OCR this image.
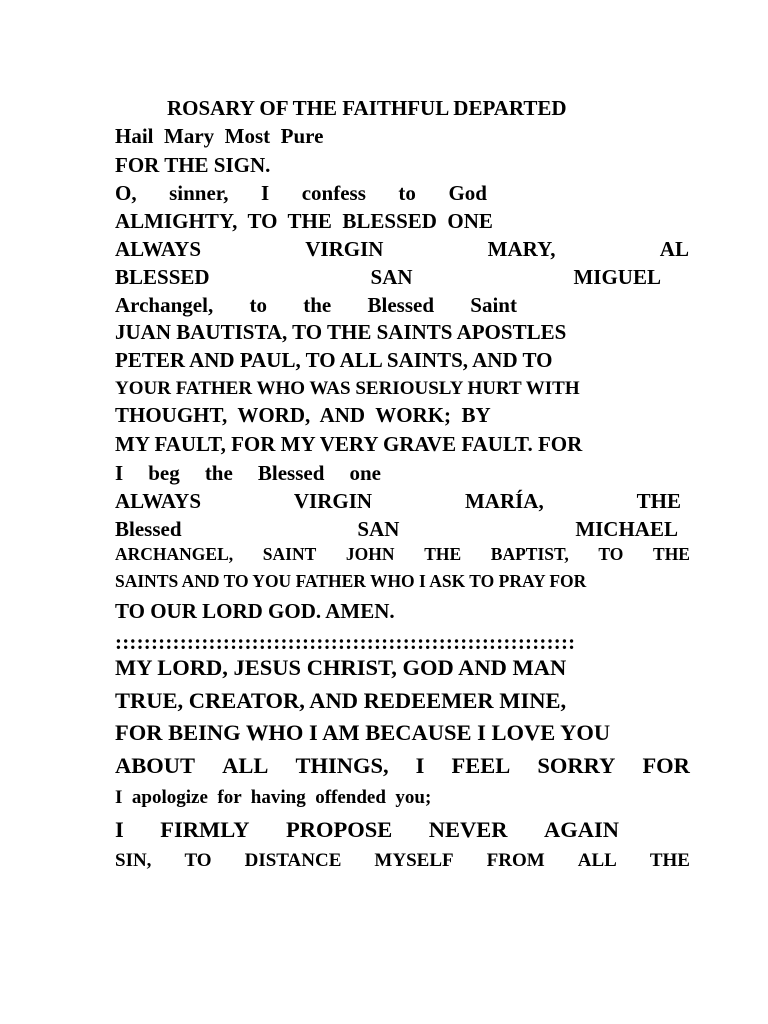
ROSARY OF THE FAITHFUL DEPARTED
Hail  Mary  Most  Pure
FOR THE SIGN.
O, sinner, I confess to God
ALMIGHTY,  TO  THE  BLESSED  ONE
ALWAYS	VIRGIN	MARY,	AL
BLESSED	SAN	MIGUEL
Archangel, to the Blessed Saint
JUAN BAUTISTA, TO THE SAINTS APOSTLES
PETER AND PAUL, TO ALL SAINTS, AND TO
YOUR FATHER WHO WAS SERIOUSLY HURT WITH
THOUGHT,  WORD,  AND  WORK;  BY
MY FAULT, FOR MY VERY GRAVE FAULT. FOR
I beg the Blessed one
ALWAYS	VIRGIN	MARÍA,	THE
Blessed	SAN	MICHAEL
ARCHANGEL, SAINT JOHN THE BAPTIST, TO THE
SAINTS AND TO YOU FATHER WHO I ASK TO PRAY FOR
TO OUR LORD GOD. AMEN.
::::::::::::::::::::::::::::::::::::::::::::::::::::::::::::::::
MY LORD, JESUS CHRIST, GOD AND MAN
TRUE, CREATOR, AND REDEEMER MINE,
FOR BEING WHO I AM BECAUSE I LOVE YOU
ABOUT ALL THINGS, I FEEL SORRY FOR
I  apologize  for  having  offended  you;
I FIRMLY PROPOSE NEVER AGAIN
SIN, TO DISTANCE MYSELF FROM ALL THE
